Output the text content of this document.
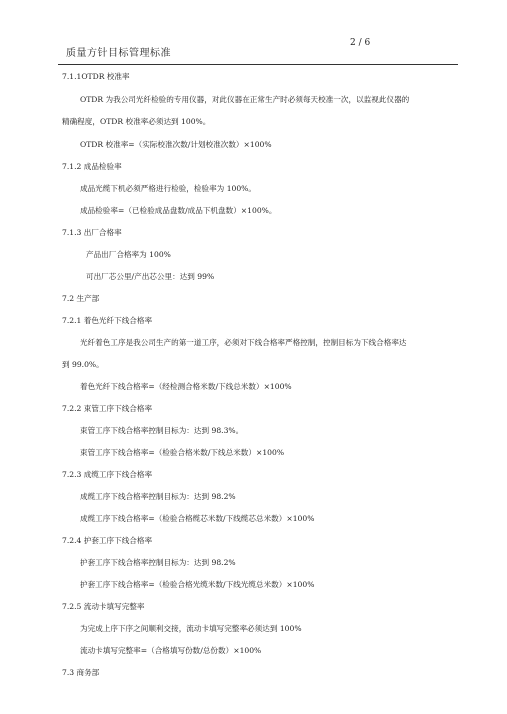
质量方针目标管理标准
2 / 6
7.1.1OTDR 校准率
OTDR 为我公司光纤检验的专用仪器，对此仪器在正常生产时必须每天校准一次，以监视此仪器的
精确程度，OTDR 校准率必须达到 100%。
OTDR 校准率=（实际校准次数/计划校准次数）×100%
7.1.2 成品检验率
成品光缆下机必须严格进行检验，检验率为 100%。
成品检验率=（已检验成品盘数/成品下机盘数）×100%。
7.1.3 出厂合格率
产品出厂合格率为 100%
可出厂芯公里/产出芯公里：达到 99%
7.2 生产部
7.2.1 着色光纤下线合格率
光纤着色工序是我公司生产的第一道工序，必须对下线合格率严格控制，控制目标为下线合格率达
到 99.0%。
着色光纤下线合格率=（经检测合格米数/下线总米数）×100%
7.2.2 束管工序下线合格率
束管工序下线合格率控制目标为：达到 98.3%。
束管工序下线合格率=（检验合格米数/下线总米数）×100%
7.2.3 成缆工序下线合格率
成缆工序下线合格率控制目标为：达到 98.2%
成缆工序下线合格率=（检验合格缆芯米数/下线缆芯总米数）×100%
7.2.4 护套工序下线合格率
护套工序下线合格率控制目标为：达到 98.2%
护套工序下线合格率=（检验合格光缆米数/下线光缆总米数）×100%
7.2.5 流动卡填写完整率
为完成上序下序之间顺利交接，流动卡填写完整率必须达到 100%
流动卡填写完整率=（合格填写份数/总份数）×100%
7.3 商务部
